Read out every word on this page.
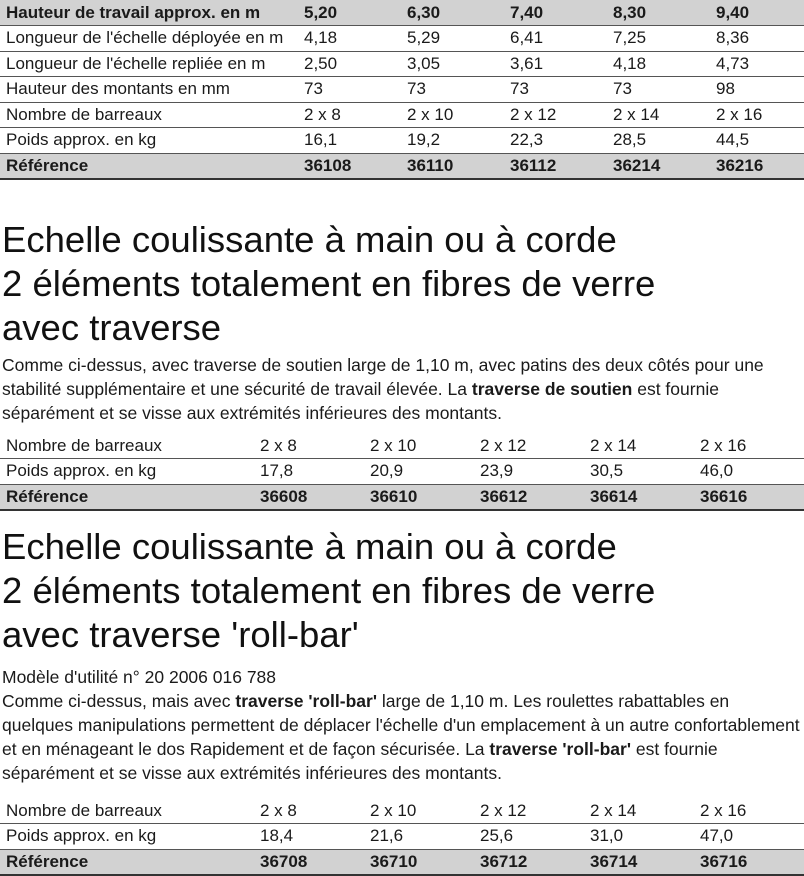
Hauteur de travail approx. en m	5,20	6,30	7,40	8,30	9,40
Longueur de l'échelle déployée en m	4,18	5,29	6,41	7,25	8,36
Longueur de l'échelle repliée en m	2,50	3,05	3,61	4,18	4,73
Hauteur des montants en mm	73	73	73	73	98
Nombre de barreaux	2 x 8	2 x 10	2 x 12	2 x 14	2 x 16
Poids approx. en kg	16,1	19,2	22,3	28,5	44,5
Référence	36108	36110	36112	36214	36216
Echelle coulissante à main ou à corde
2 éléments totalement en fibres de verre
avec traverse

Comme ci-dessus, avec traverse de soutien large de 1,10 m, avec patins des deux côtés pour une stabilité supplémentaire et une sécurité de travail élevée. La traverse de soutien est fournie séparément et se visse aux extrémités inférieures des montants.

Nombre de barreaux	2 x 8	2 x 10	2 x 12	2 x 14	2 x 16
Poids approx. en kg	17,8	20,9	23,9	30,5	46,0
Référence	36608	36610	36612	36614	36616
Echelle coulissante à main ou à corde
2 éléments totalement en fibres de verre
avec traverse 'roll-bar'

Modèle d'utilité n° 20 2006 016 788

Comme ci-dessus, mais avec traverse 'roll-bar' large de 1,10 m. Les roulettes rabattables en quelques manipulations permettent de déplacer l'échelle d'un emplacement à un autre confortablement et en ménageant le dos Rapidement et de façon sécurisée. La traverse 'roll-bar' est fournie séparément et se visse aux extrémités inférieures des montants.

Nombre de barreaux	2 x 8	2 x 10	2 x 12	2 x 14	2 x 16
Poids approx. en kg	18,4	21,6	25,6	31,0	47,0
Référence	36708	36710	36712	36714	36716
